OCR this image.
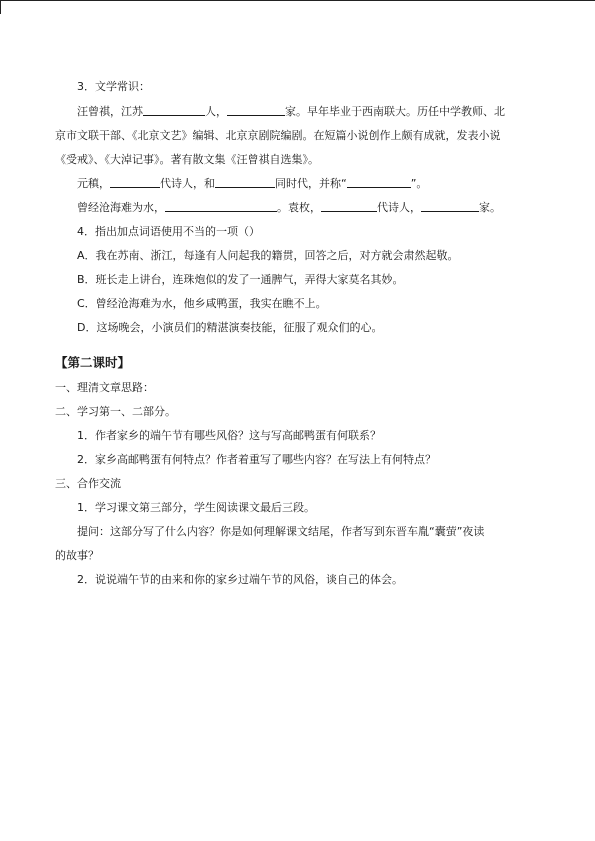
3．文学常识：
汪曾祺，江苏	人，	家。早年毕业于西南联大。历任中学教师、北
京市文联干部、《北京文艺》编辑、北京京剧院编剧。在短篇小说创作上颇有成就，发表小说
《受戒》、《大淖记事》。著有散文集《汪曾祺自选集》。
元稹，	代诗人，和	同时代，并称“	”。
曾经沧海难为水，	。袁枚，	代诗人，	家。
4．指出加点词语使用不当的一项（）
A．我在苏南、浙江，每逢有人问起我的籍贯，回答之后，对方就会肃然起敬。
B．班长走上讲台，连珠炮似的发了一通脾气，弄得大家莫名其妙。
C．曾经沧海难为水，他乡咸鸭蛋，我实在瞧不上。
D．这场晚会，小演员们的精湛演奏技能，征服了观众们的心。
【第二课时】
一、理清文章思路：
二、学习第一、二部分。
1．作者家乡的端午节有哪些风俗？这与写高邮鸭蛋有何联系？
2．家乡高邮鸭蛋有何特点？作者着重写了哪些内容？在写法上有何特点？
三、合作交流
1．学习课文第三部分，学生阅读课文最后三段。
提问：这部分写了什么内容？你是如何理解课文结尾，作者写到东晋车胤“囊萤”夜读
的故事？
2．说说端午节的由来和你的家乡过端午节的风俗，谈自己的体会。
